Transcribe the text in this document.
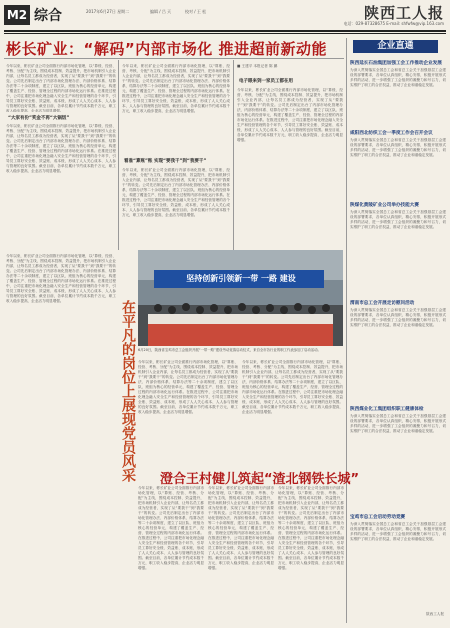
M2 综合	2017年6月27日 星期二	编辑 / 吕 天	校对 / 王 松	陕西工人报
电话：029-87328675 E-mail: shfwfw@vip.163.com
彬长矿业：“解码”内部市场化 推进超前新动能	企业直通
今年以来，彬长矿业公司全面推行内部市场化管理，以“算账、经营、考核、分配”为主线，围绕成本控制、效益提升，把市场机制引入企业内部，让每名员工都成为经营者，实现了从“要我干”到“我要干”的转变。公司先后制定出台了内部市场化管理办法、内部价格体系、结算办法等二十余项制度，建立了以区队、班组为核心的经营单元，构建了覆盖生产、经营、管理全过程的内部市场化运行体系。在推进过程中，公司注重把市场化理念融入安全生产和经营管理的各个环节，引导员工算好安全账、效益账、成本账，形成了人人关心成本、人人参与管理的良好氛围。截至目前，各单位累计节约成本数千万元，职工收入稳步提高，企业活力明显增强。
“大家有份”奖金不再“大锅饭”
今年以来，彬长矿业公司全面推行内部市场化管理，以“算账、经营、考核、分配”为主线，围绕成本控制、效益提升，把市场机制引入企业内部，让每名员工都成为经营者，实现了从“要我干”到“我要干”的转变。公司先后制定出台了内部市场化管理办法、内部价格体系、结算办法等二十余项制度，建立了以区队、班组为核心的经营单元，构建了覆盖生产、经营、管理全过程的内部市场化运行体系。在推进过程中，公司注重把市场化理念融入安全生产和经营管理的各个环节，引导员工算好安全账、效益账、成本账，形成了人人关心成本、人人参与管理的良好氛围。截至目前，各单位累计节约成本数千万元，职工收入稳步提高，企业活力明显增强。
今年以来，彬长矿业公司全面推行内部市场化管理，以“算账、经营、考核、分配”为主线，围绕成本控制、效益提升，把市场机制引入企业内部，让每名员工都成为经营者，实现了从“要我干”到“我要干”的转变。公司先后制定出台了内部市场化管理办法、内部价格体系、结算办法等二十余项制度，建立了以区队、班组为核心的经营单元，构建了覆盖生产、经营、管理全过程的内部市场化运行体系。在推进过程中，公司注重把市场化理念融入安全生产和经营管理的各个环节，引导员工算好安全账、效益账、成本账，形成了人人关心成本、人人参与管理的良好氛围。截至目前，各单位累计节约成本数千万元，职工收入稳步提高，企业活力明显增强。
看准“算账”账 实现“要我干”到“我要干”
今年以来，彬长矿业公司全面推行内部市场化管理，以“算账、经营、考核、分配”为主线，围绕成本控制、效益提升，把市场机制引入企业内部，让每名员工都成为经营者，实现了从“要我干”到“我要干”的转变。公司先后制定出台了内部市场化管理办法、内部价格体系、结算办法等二十余项制度，建立了以区队、班组为核心的经营单元，构建了覆盖生产、经营、管理全过程的内部市场化运行体系。在推进过程中，公司注重把市场化理念融入安全生产和经营管理的各个环节，引导员工算好安全账、效益账、成本账，形成了人人关心成本、人人参与管理的良好氛围。截至目前，各单位累计节约成本数千万元，职工收入稳步提高，企业活力明显增强。
■ 王建平 本报记者 陈 鹏
电子眼来到一家员工都在用
今年以来，彬长矿业公司全面推行内部市场化管理，以“算账、经营、考核、分配”为主线，围绕成本控制、效益提升，把市场机制引入企业内部，让每名员工都成为经营者，实现了从“要我干”到“我要干”的转变。公司先后制定出台了内部市场化管理办法、内部价格体系、结算办法等二十余项制度，建立了以区队、班组为核心的经营单元，构建了覆盖生产、经营、管理全过程的内部市场化运行体系。在推进过程中，公司注重把市场化理念融入安全生产和经营管理的各个环节，引导员工算好安全账、效益账、成本账，形成了人人关心成本、人人参与管理的良好氛围。截至目前，各单位累计节约成本数千万元，职工收入稳步提高，企业活力明显增强。
坚持创新引领新一带 一路 建设
6月20日，陕西省宝鸡市总工会组织开展“一带一路”建设劳动竞赛启动仪式，来自全市各行业的职工代表参加了启动活动。
今年以来，彬长矿业公司全面推行内部市场化管理，以“算账、经营、考核、分配”为主线，围绕成本控制、效益提升，把市场机制引入企业内部，让每名员工都成为经营者，实现了从“要我干”到“我要干”的转变。公司先后制定出台了内部市场化管理办法、内部价格体系、结算办法等二十余项制度，建立了以区队、班组为核心的经营单元，构建了覆盖生产、经营、管理全过程的内部市场化运行体系。在推进过程中，公司注重把市场化理念融入安全生产和经营管理的各个环节，引导员工算好安全账、效益账、成本账，形成了人人关心成本、人人参与管理的良好氛围。截至目前，各单位累计节约成本数千万元，职工收入稳步提高，企业活力明显增强。	在平凡的岗位上展现党员风采 今年以来，彬长矿业公司全面推行内部市场化管理，以“算账、经营、考核、分配”为主线，围绕成本控制、效益提升，把市场机制引入企业内部，让每名员工都成为经营者，实现了从“要我干”到“我要干”的转变。公司先后制定出台了内部市场化管理办法、内部价格体系、结算办法等二十余项制度，建立了以区队、班组为核心的经营单元，构建了覆盖生产、经营、管理全过程的内部市场化运行体系。在推进过程中，公司注重把市场化理念融入安全生产和经营管理的各个环节，引导员工算好安全账、效益账、成本账，形成了人人关心成本、人人参与管理的良好氛围。截至目前，各单位累计节约成本数千万元，职工收入稳步提高，企业活力明显增强。
今年以来，彬长矿业公司全面推行内部市场化管理，以“算账、经营、考核、分配”为主线，围绕成本控制、效益提升，把市场机制引入企业内部，让每名员工都成为经营者，实现了从“要我干”到“我要干”的转变。公司先后制定出台了内部市场化管理办法、内部价格体系、结算办法等二十余项制度，建立了以区队、班组为核心的经营单元，构建了覆盖生产、经营、管理全过程的内部市场化运行体系。在推进过程中，公司注重把市场化理念融入安全生产和经营管理的各个环节，引导员工算好安全账、效益账、成本账，形成了人人关心成本、人人参与管理的良好氛围。截至目前，各单位累计节约成本数千万元，职工收入稳步提高，企业活力明显增强。
澄合王村健儿筑起“渣北钢铁长城”
今年以来，彬长矿业公司全面推行内部市场化管理，以“算账、经营、考核、分配”为主线，围绕成本控制、效益提升，把市场机制引入企业内部，让每名员工都成为经营者，实现了从“要我干”到“我要干”的转变。公司先后制定出台了内部市场化管理办法、内部价格体系、结算办法等二十余项制度，建立了以区队、班组为核心的经营单元，构建了覆盖生产、经营、管理全过程的内部市场化运行体系。在推进过程中，公司注重把市场化理念融入安全生产和经营管理的各个环节，引导员工算好安全账、效益账、成本账，形成了人人关心成本、人人参与管理的良好氛围。截至目前，各单位累计节约成本数千万元，职工收入稳步提高，企业活力明显增强。
今年以来，彬长矿业公司全面推行内部市场化管理，以“算账、经营、考核、分配”为主线，围绕成本控制、效益提升，把市场机制引入企业内部，让每名员工都成为经营者，实现了从“要我干”到“我要干”的转变。公司先后制定出台了内部市场化管理办法、内部价格体系、结算办法等二十余项制度，建立了以区队、班组为核心的经营单元，构建了覆盖生产、经营、管理全过程的内部市场化运行体系。在推进过程中，公司注重把市场化理念融入安全生产和经营管理的各个环节，引导员工算好安全账、效益账、成本账，形成了人人关心成本、人人参与管理的良好氛围。截至目前，各单位累计节约成本数千万元，职工收入稳步提高，企业活力明显增强。
今年以来，彬长矿业公司全面推行内部市场化管理，以“算账、经营、考核、分配”为主线，围绕成本控制、效益提升，把市场机制引入企业内部，让每名员工都成为经营者，实现了从“要我干”到“我要干”的转变。公司先后制定出台了内部市场化管理办法、内部价格体系、结算办法等二十余项制度，建立了以区队、班组为核心的经营单元，构建了覆盖生产、经营、管理全过程的内部市场化运行体系。在推进过程中，公司注重把市场化理念融入安全生产和经营管理的各个环节，引导员工算好安全账、效益账、成本账，形成了人人关心成本、人人参与管理的良好氛围。截至目前，各单位累计节约成本数千万元，职工收入稳步提高，企业活力明显增强。
陕西延长石油集团加强工会工作推动企业发展
为深入贯彻落实全国总工会和省总工会关于加强基层工会建设的部署要求，各单位认真组织，精心安排，积极开展形式多样的活动，进一步增强了工会组织的凝聚力和号召力，切实维护了职工的合法权益，推动了企业和谐稳定发展。
咸阳西北纺织工会一季度工作会召开会议
为深入贯彻落实全国总工会和省总工会关于加强基层工会建设的部署要求，各单位认真组织，精心安排，积极开展形式多样的活动，进一步增强了工会组织的凝聚力和号召力，切实维护了职工的合法权益，推动了企业和谐稳定发展。
陕煤化黄陵矿业公司举办技能大赛
为深入贯彻落实全国总工会和省总工会关于加强基层工会建设的部署要求，各单位认真组织，精心安排，积极开展形式多样的活动，进一步增强了工会组织的凝聚力和号召力，切实维护了职工的合法权益，推动了企业和谐稳定发展。
渭南市总工会开展走访慰问活动
为深入贯彻落实全国总工会和省总工会关于加强基层工会建设的部署要求，各单位认真组织，精心安排，积极开展形式多样的活动，进一步增强了工会组织的凝聚力和号召力，切实维护了职工的合法权益，推动了企业和谐稳定发展。
陕西煤业化工集团组织职工健康体检
为深入贯彻落实全国总工会和省总工会关于加强基层工会建设的部署要求，各单位认真组织，精心安排，积极开展形式多样的活动，进一步增强了工会组织的凝聚力和号召力，切实维护了职工的合法权益，推动了企业和谐稳定发展。
宝鸡市总工会启动劳动竞赛
为深入贯彻落实全国总工会和省总工会关于加强基层工会建设的部署要求，各单位认真组织，精心安排，积极开展形式多样的活动，进一步增强了工会组织的凝聚力和号召力，切实维护了职工的合法权益，推动了企业和谐稳定发展。
陕西工人报
